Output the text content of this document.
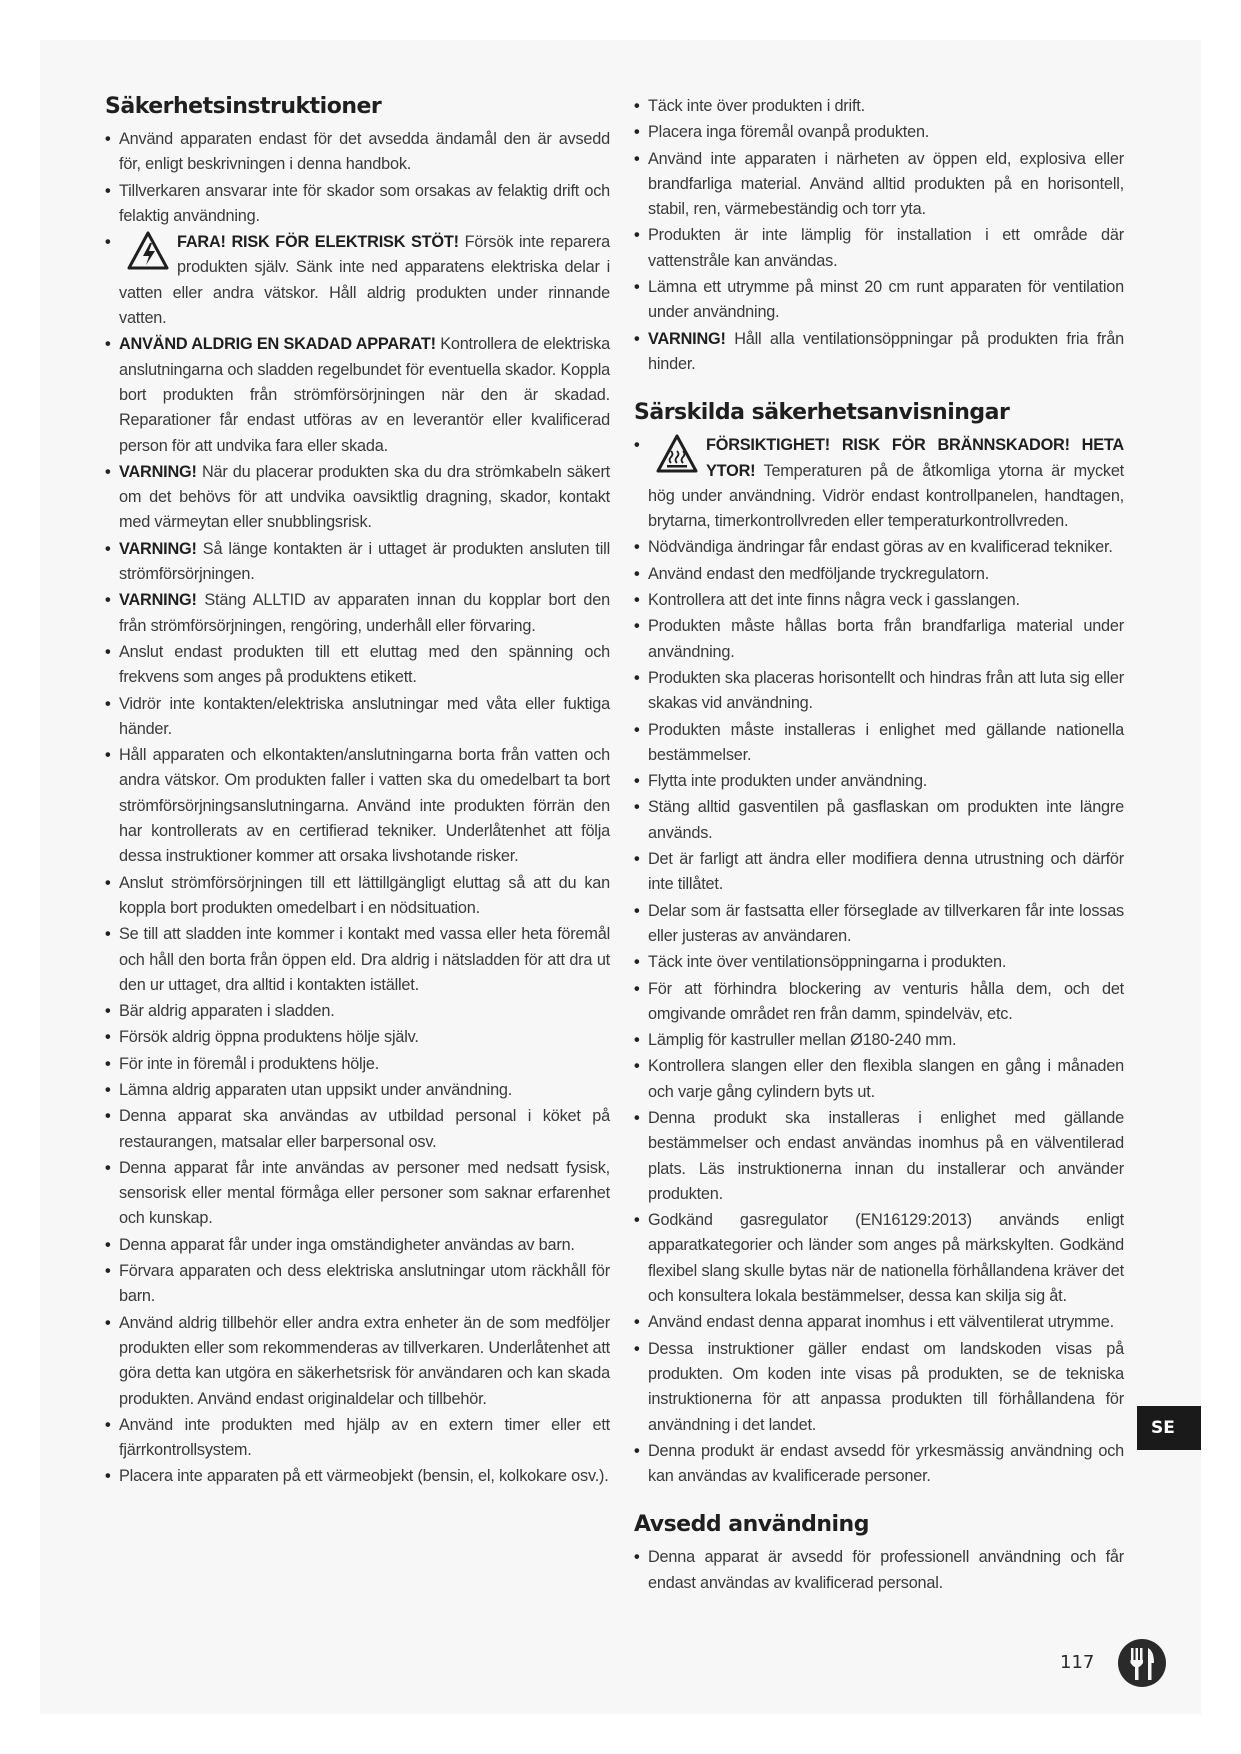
Säkerhetsinstruktioner
• Använd apparaten endast för det avsedda ändamål den är avsedd för, enligt beskrivningen i denna handbok.
• Tillverkaren ansvarar inte för skador som orsakas av felaktig drift och felaktig användning.
• FARA! RISK FÖR ELEKTRISK STÖT! Försök inte reparera produkten själv. Sänk inte ned apparatens elektriska delar i vatten eller andra vätskor. Håll aldrig produkten under rinnande vatten.
• ANVÄND ALDRIG EN SKADAD APPARAT! Kontrollera de elektriska anslutningarna och sladden regelbundet för eventuella skador. Koppla bort produkten från strömförsörjningen när den är skadad. Reparationer får endast utföras av en leverantör eller kvalificerad person för att undvika fara eller skada.
• VARNING! När du placerar produkten ska du dra strömkabeln säkert om det behövs för att undvika oavsiktlig dragning, skador, kontakt med värmeytan eller snubblingsrisk.
• VARNING! Så länge kontakten är i uttaget är produkten ansluten till strömförsörjningen.
• VARNING! Stäng ALLTID av apparaten innan du kopplar bort den från strömförsörjningen, rengöring, underhåll eller förvaring.
• Anslut endast produkten till ett eluttag med den spänning och frekvens som anges på produktens etikett.
• Vidrör inte kontakten/elektriska anslutningar med våta eller fuktiga händer.
• Håll apparaten och elkontakten/anslutningarna borta från vatten och andra vätskor. Om produkten faller i vatten ska du omedelbart ta bort strömförsörjningsanslutningarna. Använd inte produkten förrän den har kontrollerats av en certifierad tekniker. Underlåtenhet att följa dessa instruktioner kommer att orsaka livshotande risker.
• Anslut strömförsörjningen till ett lättillgängligt eluttag så att du kan koppla bort produkten omedelbart i en nödsituation.
• Se till att sladden inte kommer i kontakt med vassa eller heta föremål och håll den borta från öppen eld. Dra aldrig i nätsladden för att dra ut den ur uttaget, dra alltid i kontakten istället.
• Bär aldrig apparaten i sladden.
• Försök aldrig öppna produktens hölje själv.
• För inte in föremål i produktens hölje.
• Lämna aldrig apparaten utan uppsikt under användning.
• Denna apparat ska användas av utbildad personal i köket på restaurangen, matsalar eller barpersonal osv.
• Denna apparat får inte användas av personer med nedsatt fysisk, sensorisk eller mental förmåga eller personer som saknar erfarenhet och kunskap.
• Denna apparat får under inga omständigheter användas av barn.
• Förvara apparaten och dess elektriska anslutningar utom räckhåll för barn.
• Använd aldrig tillbehör eller andra extra enheter än de som medföljer produkten eller som rekommenderas av tillverkaren. Underlåtenhet att göra detta kan utgöra en säkerhetsrisk för användaren och kan skada produkten. Använd endast originaldelar och tillbehör.
• Använd inte produkten med hjälp av en extern timer eller ett fjärrkontrollsystem.
• Placera inte apparaten på ett värmeobjekt (bensin, el, kolkokare osv.).
• Täck inte över produkten i drift.
• Placera inga föremål ovanpå produkten.
• Använd inte apparaten i närheten av öppen eld, explosiva eller brandfarliga material. Använd alltid produkten på en horisontell, stabil, ren, värmebeständig och torr yta.
• Produkten är inte lämplig för installation i ett område där vattenstråle kan användas.
• Lämna ett utrymme på minst 20 cm runt apparaten för ventilation under användning.
• VARNING! Håll alla ventilationsöppningar på produkten fria från hinder.
Särskilda säkerhetsanvisningar
• FÖRSIKTIGHET! RISK FÖR BRÄNNSKADOR! HETA YTOR! Temperaturen på de åtkomliga ytorna är mycket hög under användning. Vidrör endast kontrollpanelen, handtagen, brytarna, timerkontrollvreden eller temperaturkontrollvreden.
• Nödvändiga ändringar får endast göras av en kvalificerad tekniker.
• Använd endast den medföljande tryckregulatorn.
• Kontrollera att det inte finns några veck i gasslangen.
• Produkten måste hållas borta från brandfarliga material under användning.
• Produkten ska placeras horisontellt och hindras från att luta sig eller skakas vid användning.
• Produkten måste installeras i enlighet med gällande nationella bestämmelser.
• Flytta inte produkten under användning.
• Stäng alltid gasventilen på gasflaskan om produkten inte längre används.
• Det är farligt att ändra eller modifiera denna utrustning och därför inte tillåtet.
• Delar som är fastsatta eller förseglade av tillverkaren får inte lossas eller justeras av användaren.
• Täck inte över ventilationsöppningarna i produkten.
• För att förhindra blockering av venturis hålla dem, och det omgivande området ren från damm, spindelväv, etc.
• Lämplig för kastruller mellan Ø180-240 mm.
• Kontrollera slangen eller den flexibla slangen en gång i månaden och varje gång cylindern byts ut.
• Denna produkt ska installeras i enlighet med gällande bestämmelser och endast användas inomhus på en välventilerad plats. Läs instruktionerna innan du installerar och använder produkten.
• Godkänd gasregulator (EN16129:2013) används enligt apparatkategorier och länder som anges på märkskylten. Godkänd flexibel slang skulle bytas när de nationella förhållandena kräver det och konsultera lokala bestämmelser, dessa kan skilja sig åt.
• Använd endast denna apparat inomhus i ett välventilerat utrymme.
• Dessa instruktioner gäller endast om landskoden visas på produkten. Om koden inte visas på produkten, se de tekniska instruktionerna för att anpassa produkten till förhållandena för användning i det landet.
• Denna produkt är endast avsedd för yrkesmässig användning och kan användas av kvalificerade personer.
Avsedd användning
• Denna apparat är avsedd för professionell användning och får endast användas av kvalificerad personal.
SE
117
